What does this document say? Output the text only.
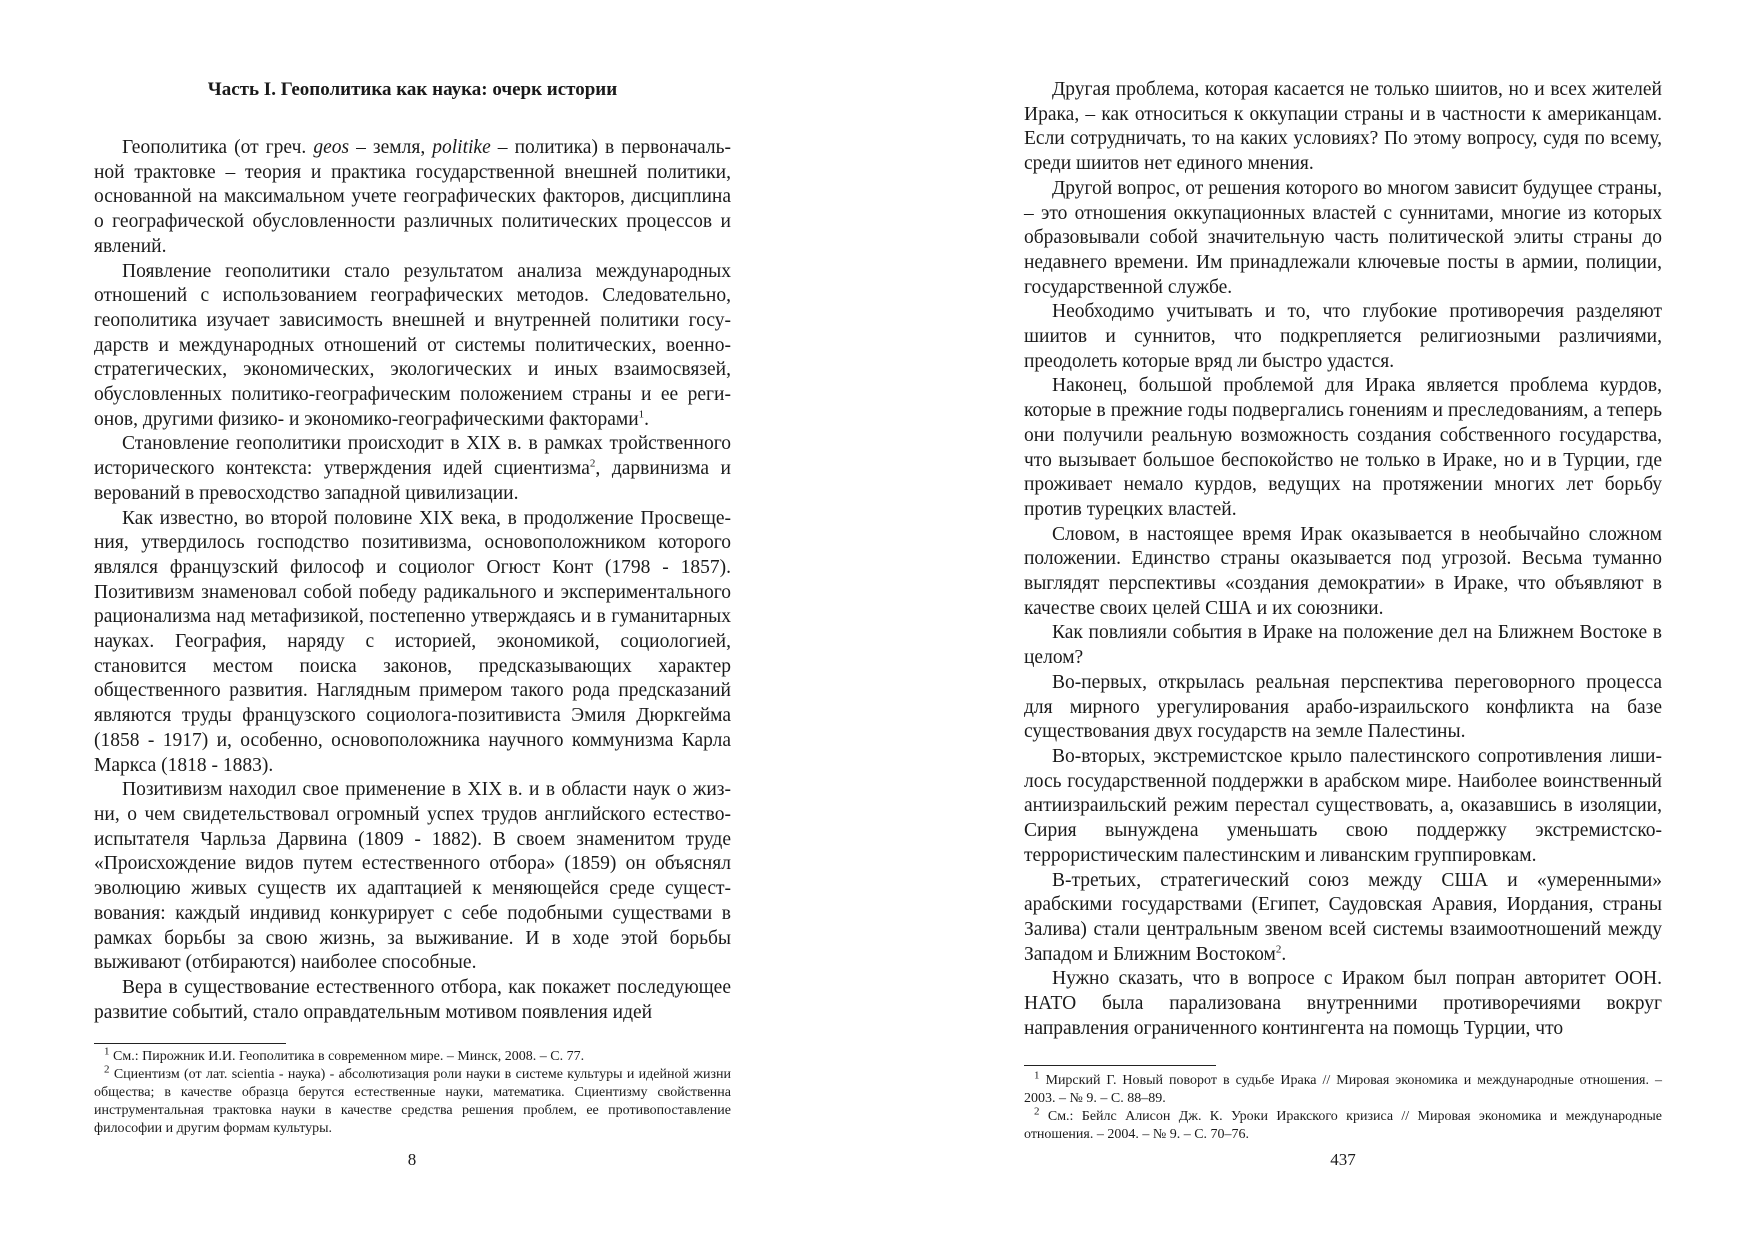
Часть I. Геополитика как наука: очерк истории

Геополитика (от греч. geos – земля, politike – политика) в первоначальной трактовке – теория и практика государственной внешней политики, основанной на максимальном учете географических факторов, дисциплина о географической обусловленности различных политических процессов и явлений.

Появление геополитики стало результатом анализа международных отношений с использованием географических методов. Следовательно, геополитика изучает зависимость внешней и внутренней политики государств и международных отношений от системы политических, военно-стратегических, экономических, экологических и иных взаимосвязей, обусловленных политико-географическим положением страны и ее регионов, другими физико- и экономико-географическими факторами$^1$.

Становление геополитики происходит в XIX в. в рамках тройственного исторического контекста: утверждения идей сциентизма$^2$, дарвинизма и верований в превосходство западной цивилизации.

Как известно, во второй половине XIX века, в продолжение Просвещения, утвердилось господство позитивизма, основоположником которого являлся французский философ и социолог Огюст Конт (1798 - 1857). Позитивизм знаменовал собой победу радикального и экспериментального рационализма над метафизикой, постепенно утверждаясь и в гуманитарных науках. География, наряду с историей, экономикой, социологией, становится местом поиска законов, предсказывающих характер общественного развития. Наглядным примером такого рода предсказаний являются труды французского социолога-позитивиста Эмиля Дюркгейма (1858 - 1917) и, особенно, основоположника научного коммунизма Карла Маркса (1818 - 1883).

Позитивизм находил свое применение в XIX в. и в области наук о жизни, о чем свидетельствовал огромный успех трудов английского естествоиспытателя Чарльза Дарвина (1809 - 1882). В своем знаменитом труде «Происхождение видов путем естественного отбора» (1859) он объяснял эволюцию живых существ их адаптацией к меняющейся среде существования: каждый индивид конкурирует с себе подобными существами в рамках борьбы за свою жизнь, за выживание. И в ходе этой борьбы выживают (отбираются) наиболее способные.

Вера в существование естественного отбора, как покажет последующее развитие событий, стало оправдательным мотивом появления идей

$^1$ См.: Пирожник И.И. Геополитика в современном мире. – Минск, 2008. – С. 77.

$^2$ Сциентизм (от лат. scientia - наука) - абсолютизация роли науки в системе культуры и идейной жизни общества; в качестве образца берутся естественные науки, математика. Сциентизму свойственна инструментальная трактовка науки в качестве средства решения проблем, ее противопоставление философии и другим формам культуры.

8

Другая проблема, которая касается не только шиитов, но и всех жителей Ирака, – как относиться к оккупации страны и в частности к американцам. Если сотрудничать, то на каких условиях? По этому вопросу, судя по всему, среди шиитов нет единого мнения.

Другой вопрос, от решения которого во многом зависит будущее страны, – это отношения оккупационных властей с суннитами, многие из которых образовывали собой значительную часть политической элиты страны до недавнего времени. Им принадлежали ключевые посты в армии, полиции, государственной службе.

Необходимо учитывать и то, что глубокие противоречия разделяют шиитов и суннитов, что подкрепляется религиозными различиями, преодолеть которые вряд ли быстро удастся.

Наконец, большой проблемой для Ирака является проблема курдов, которые в прежние годы подвергались гонениям и преследованиям, а теперь они получили реальную возможность создания собственного государства, что вызывает большое беспокойство не только в Ираке, но и в Турции, где проживает немало курдов, ведущих на протяжении многих лет борьбу против турецких властей.

Словом, в настоящее время Ирак оказывается в необычайно сложном положении. Единство страны оказывается под угрозой. Весьма туманно выглядят перспективы «создания демократии» в Ираке, что объявляют в качестве своих целей США и их союзники.

Как повлияли события в Ираке на положение дел на Ближнем Востоке в целом?

Во-первых, открылась реальная перспектива переговорного процесса для мирного урегулирования арабо-израильского конфликта на базе существования двух государств на земле Палестины.

Во-вторых, экстремистское крыло палестинского сопротивления лишилось государственной поддержки в арабском мире. Наиболее воинственный антиизраильский режим перестал существовать, а, оказавшись в изоляции, Сирия вынуждена уменьшать свою поддержку экстремистско-террористическим палестинским и ливанским группировкам.

В-третьих, стратегический союз между США и «умеренными» арабскими государствами (Египет, Саудовская Аравия, Иордания, страны Залива) стали центральным звеном всей системы взаимоотношений между Западом и Ближним Востоком$^2$.

Нужно сказать, что в вопросе с Ираком был попран авторитет ООН. НАТО была парализована внутренними противоречиями вокруг направления ограниченного контингента на помощь Турции, что

$^1$ Мирский Г. Новый поворот в судьбе Ирака // Мировая экономика и международные отношения. – 2003. – № 9. – С. 88–89.

$^2$ См.: Бейлс Алисон Дж. К. Уроки Иракского кризиса // Мировая экономика и международные отношения. – 2004. – № 9. – С. 70–76.

437
